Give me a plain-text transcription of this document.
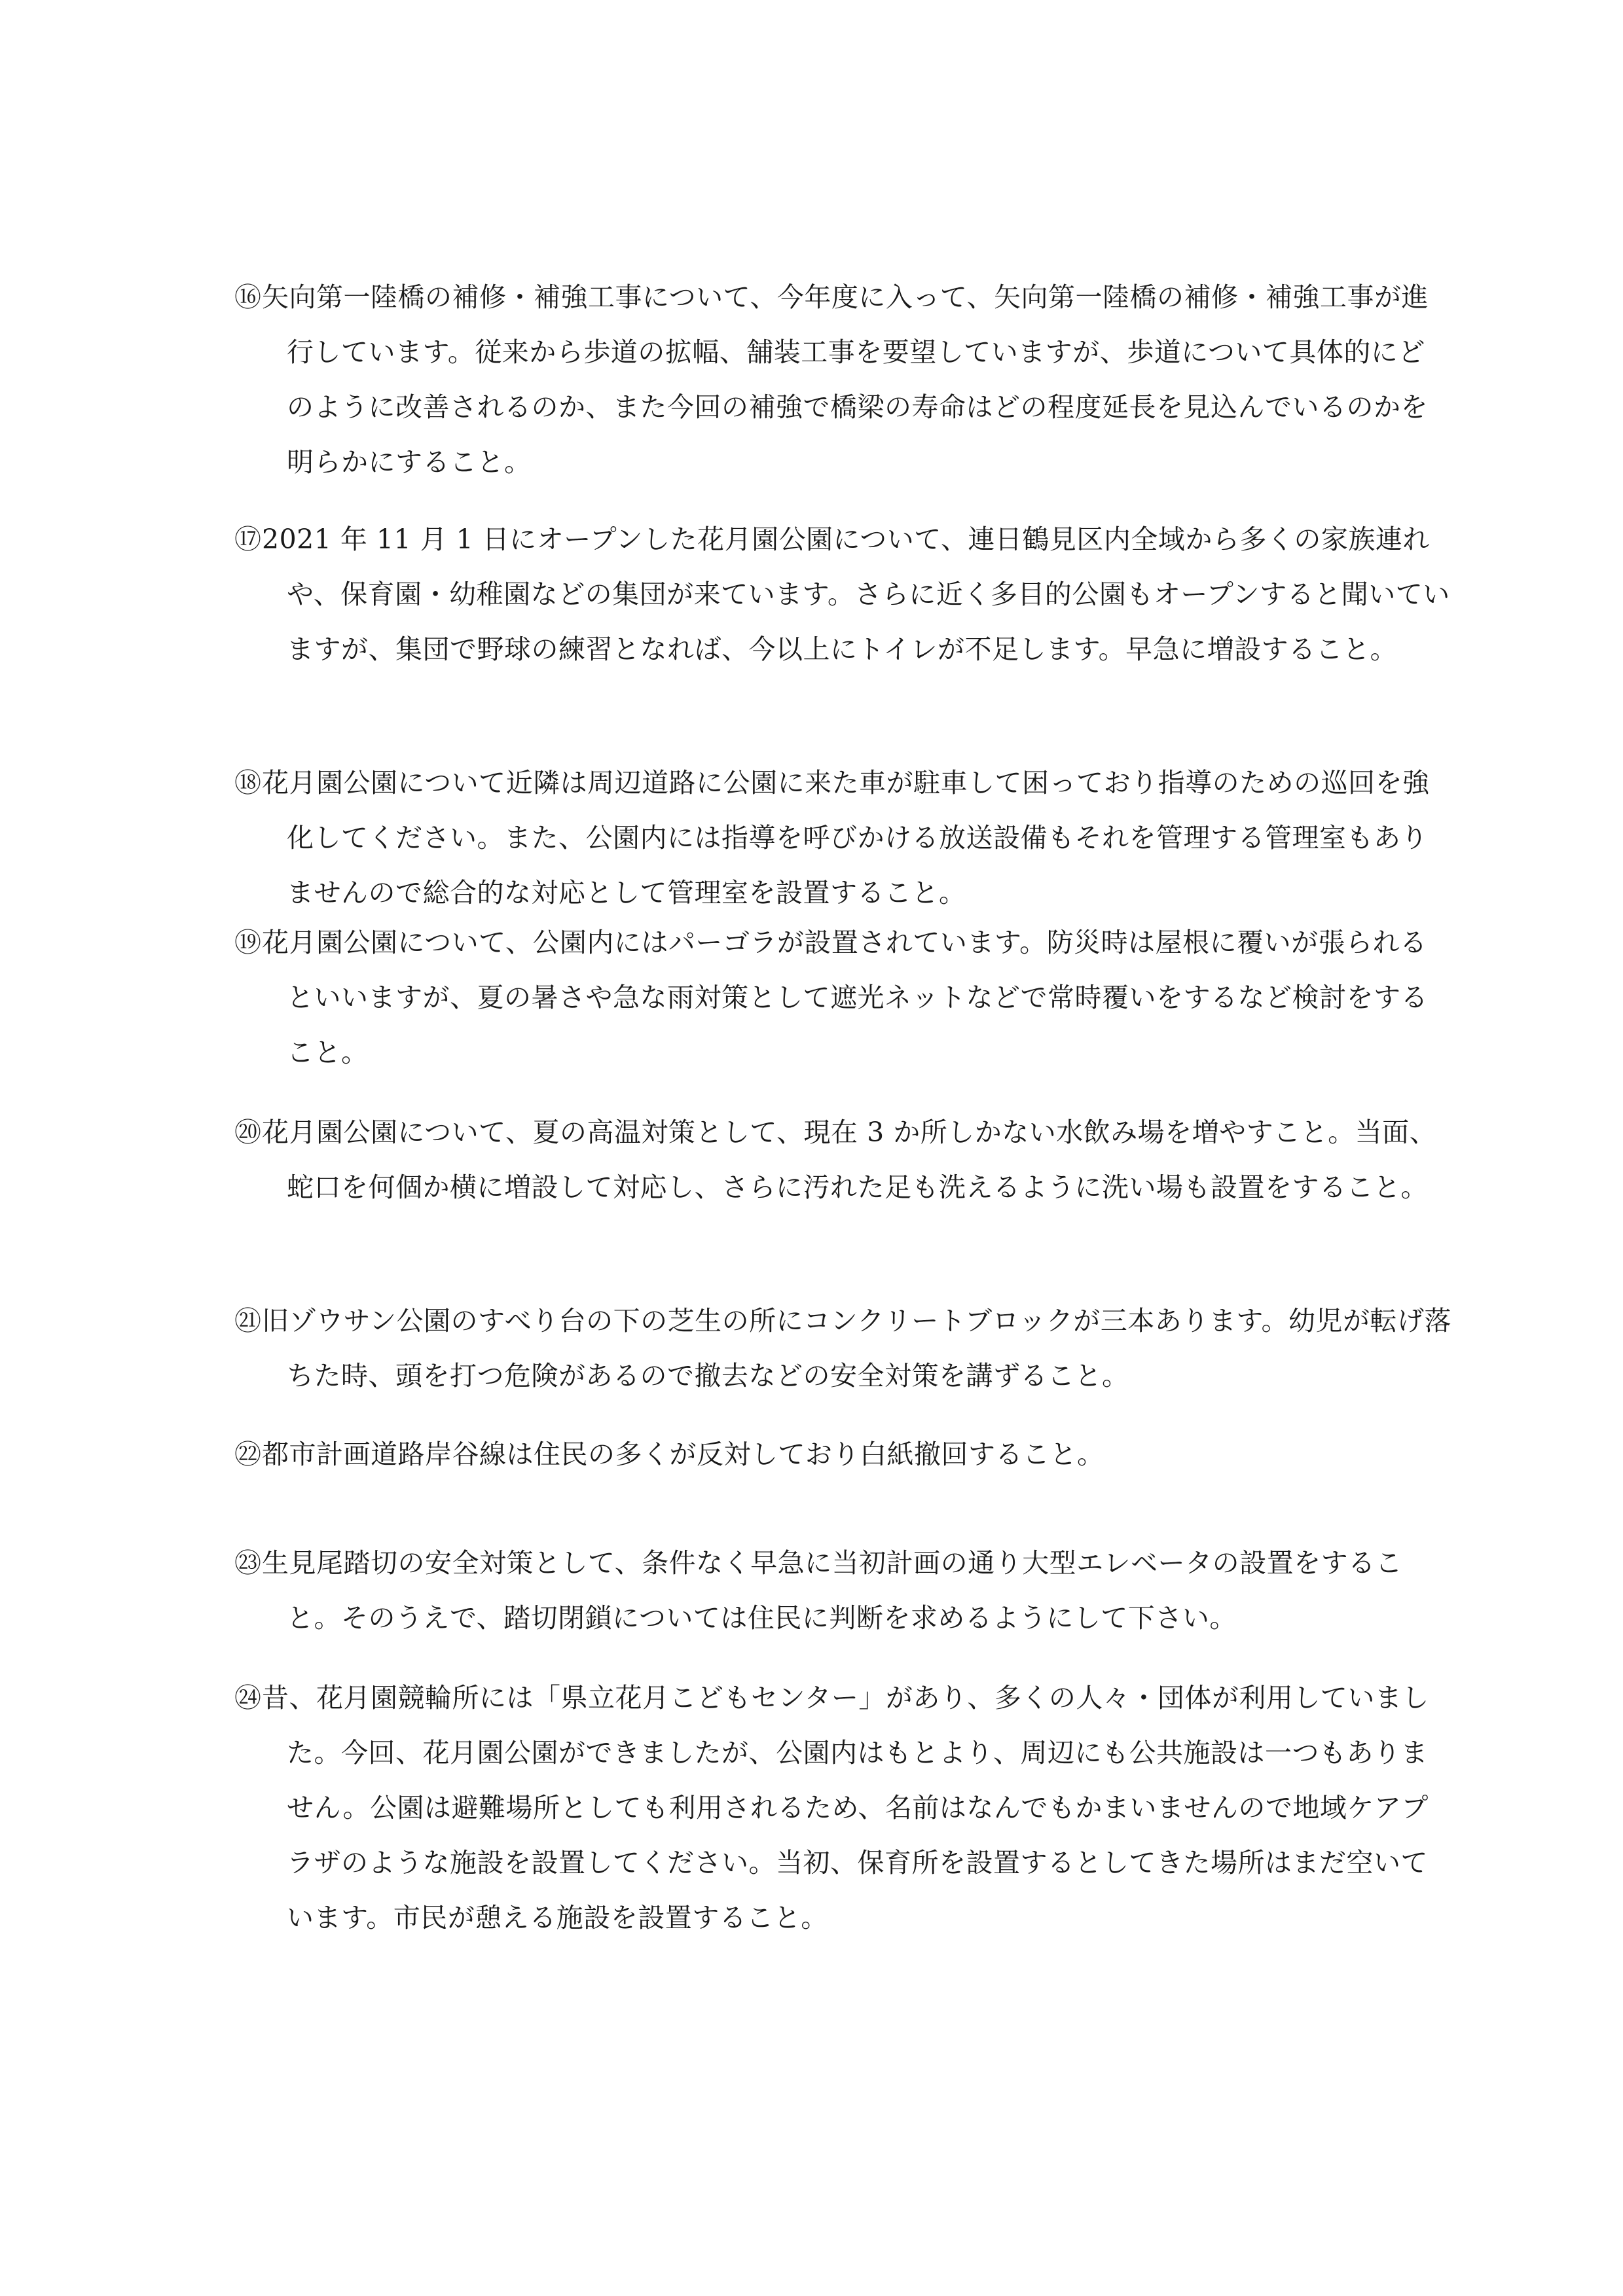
⑯矢向第一陸橋の補修・補強工事について、今年度に入って、矢向第一陸橋の補修・補強工事が進行しています。従来から歩道の拡幅、舗装工事を要望していますが、歩道について具体的にどのように改善されるのか、また今回の補強で橋梁の寿命はどの程度延長を見込んでいるのかを明らかにすること。

⑰2021 年 11 月 1 日にオープンした花月園公園について、連日鶴見区内全域から多くの家族連れや、保育園・幼稚園などの集団が来ています。さらに近く多目的公園もオープンすると聞いていますが、集団で野球の練習となれば、今以上にトイレが不足します。早急に増設すること。

⑱花月園公園について近隣は周辺道路に公園に来た車が駐車して困っており指導のための巡回を強化してください。また、公園内には指導を呼びかける放送設備もそれを管理する管理室もありませんので総合的な対応として管理室を設置すること。

⑲花月園公園について、公園内にはパーゴラが設置されています。防災時は屋根に覆いが張られるといいますが、夏の暑さや急な雨対策として遮光ネットなどで常時覆いをするなど検討をすること。

⑳花月園公園について、夏の高温対策として、現在 3 か所しかない水飲み場を増やすこと。当面、蛇口を何個か横に増設して対応し、さらに汚れた足も洗えるように洗い場も設置をすること。

㉑旧ゾウサン公園のすべり台の下の芝生の所にコンクリートブロックが三本あります。幼児が転げ落ちた時、頭を打つ危険があるので撤去などの安全対策を講ずること。

㉒都市計画道路岸谷線は住民の多くが反対しており白紙撤回すること。

㉓生見尾踏切の安全対策として、条件なく早急に当初計画の通り大型エレベータの設置をすること。そのうえで、踏切閉鎖については住民に判断を求めるようにして下さい。

㉔昔、花月園競輪所には「県立花月こどもセンター」があり、多くの人々・団体が利用していました。今回、花月園公園ができましたが、公園内はもとより、周辺にも公共施設は一つもありません。公園は避難場所としても利用されるため、名前はなんでもかまいませんので地域ケアプラザのような施設を設置してください。当初、保育所を設置するとしてきた場所はまだ空いています。市民が憩える施設を設置すること。
